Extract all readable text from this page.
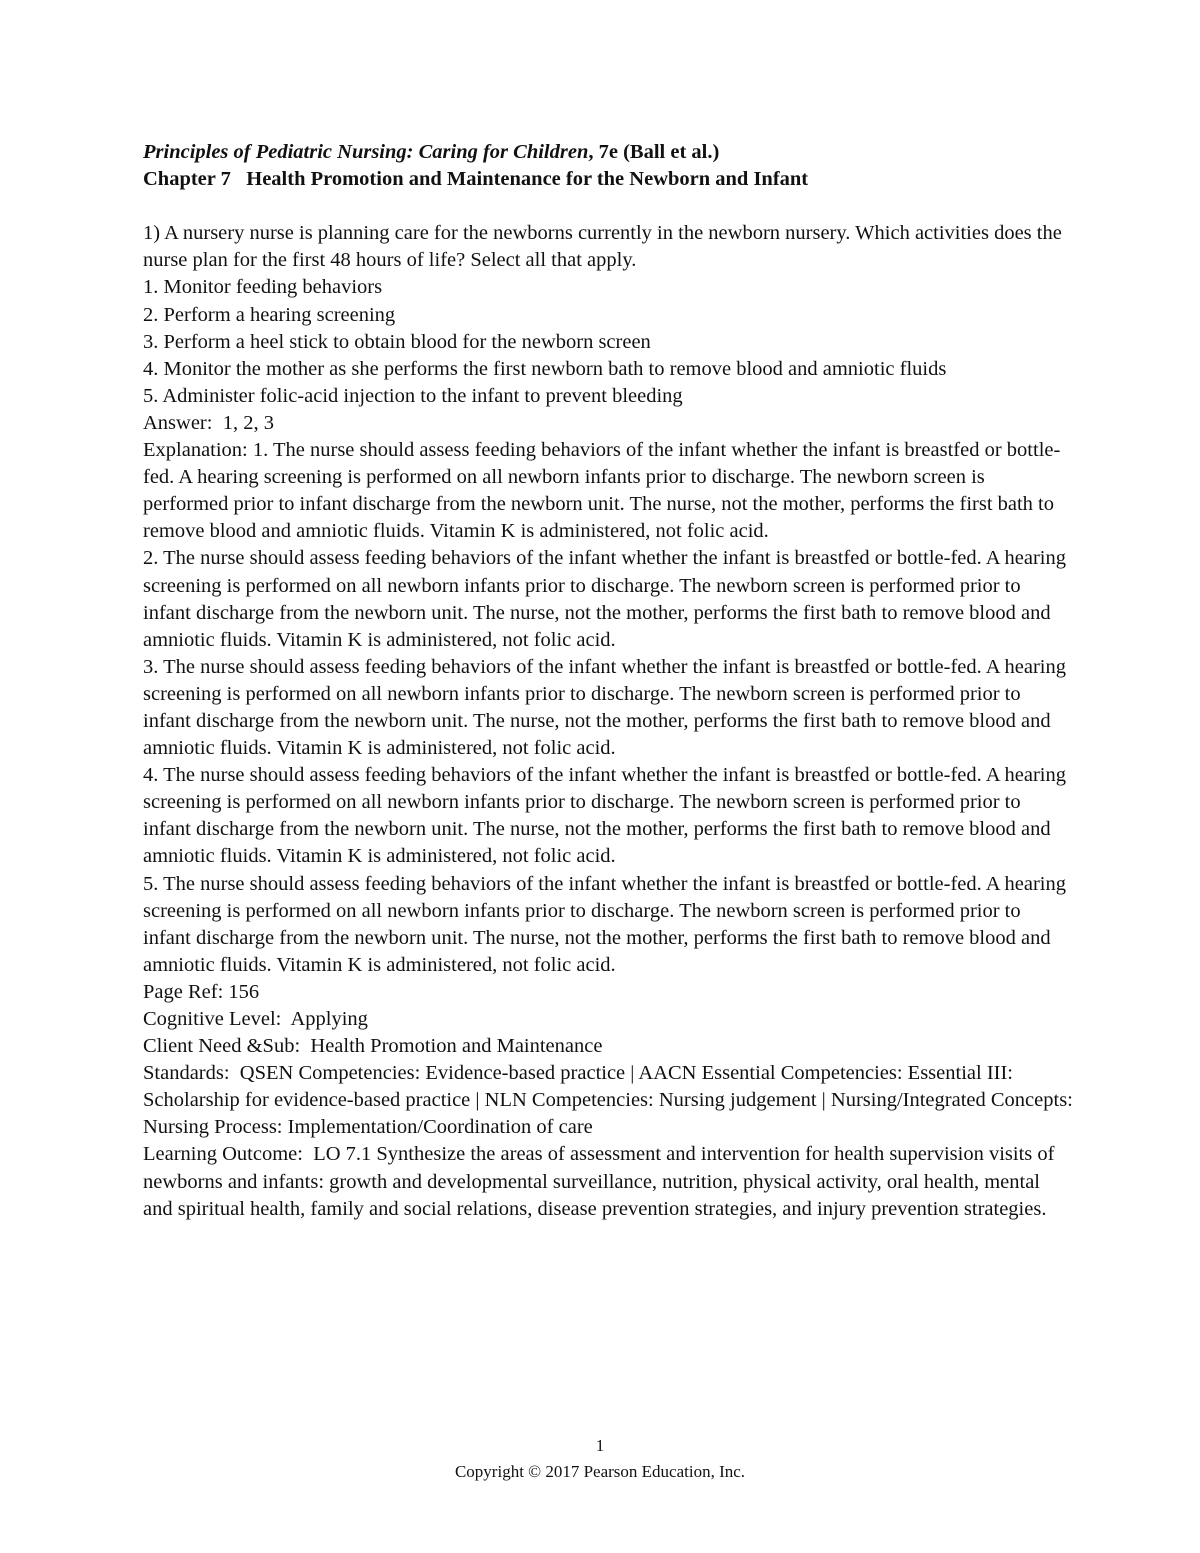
Principles of Pediatric Nursing: Caring for Children, 7e (Ball et al.)
Chapter 7   Health Promotion and Maintenance for the Newborn and Infant
1) A nursery nurse is planning care for the newborns currently in the newborn nursery. Which activities does the nurse plan for the first 48 hours of life? Select all that apply.
1. Monitor feeding behaviors
2. Perform a hearing screening
3. Perform a heel stick to obtain blood for the newborn screen
4. Monitor the mother as she performs the first newborn bath to remove blood and amniotic fluids
5. Administer folic-acid injection to the infant to prevent bleeding
Answer:  1, 2, 3
Explanation: 1. The nurse should assess feeding behaviors of the infant whether the infant is breastfed or bottle-fed. A hearing screening is performed on all newborn infants prior to discharge. The newborn screen is performed prior to infant discharge from the newborn unit. The nurse, not the mother, performs the first bath to remove blood and amniotic fluids. Vitamin K is administered, not folic acid.
2. The nurse should assess feeding behaviors of the infant whether the infant is breastfed or bottle-fed. A hearing screening is performed on all newborn infants prior to discharge. The newborn screen is performed prior to infant discharge from the newborn unit. The nurse, not the mother, performs the first bath to remove blood and amniotic fluids. Vitamin K is administered, not folic acid.
3. The nurse should assess feeding behaviors of the infant whether the infant is breastfed or bottle-fed. A hearing screening is performed on all newborn infants prior to discharge. The newborn screen is performed prior to infant discharge from the newborn unit. The nurse, not the mother, performs the first bath to remove blood and amniotic fluids. Vitamin K is administered, not folic acid.
4. The nurse should assess feeding behaviors of the infant whether the infant is breastfed or bottle-fed. A hearing screening is performed on all newborn infants prior to discharge. The newborn screen is performed prior to infant discharge from the newborn unit. The nurse, not the mother, performs the first bath to remove blood and amniotic fluids. Vitamin K is administered, not folic acid.
5. The nurse should assess feeding behaviors of the infant whether the infant is breastfed or bottle-fed. A hearing screening is performed on all newborn infants prior to discharge. The newborn screen is performed prior to infant discharge from the newborn unit. The nurse, not the mother, performs the first bath to remove blood and amniotic fluids. Vitamin K is administered, not folic acid.
Page Ref: 156
Cognitive Level:  Applying
Client Need &Sub:  Health Promotion and Maintenance
Standards:  QSEN Competencies: Evidence-based practice | AACN Essential Competencies: Essential III: Scholarship for evidence-based practice | NLN Competencies: Nursing judgement | Nursing/Integrated Concepts: Nursing Process: Implementation/Coordination of care
Learning Outcome:  LO 7.1 Synthesize the areas of assessment and intervention for health supervision visits of newborns and infants: growth and developmental surveillance, nutrition, physical activity, oral health, mental and spiritual health, family and social relations, disease prevention strategies, and injury prevention strategies.
1
Copyright © 2017 Pearson Education, Inc.
